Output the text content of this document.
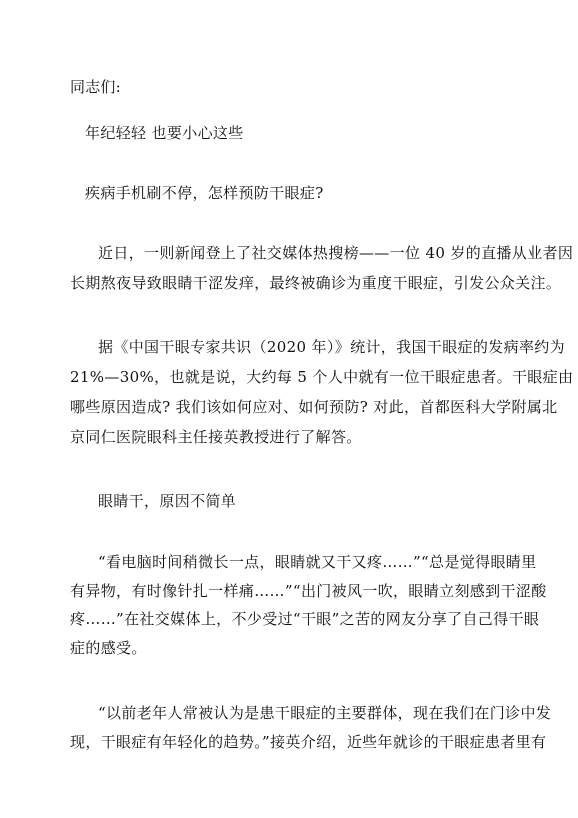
同志们:
年纪轻轻 也要小心这些
疾病手机刷不停，怎样预防干眼症?
近日，一则新闻登上了社交媒体热搜榜——一位 40 岁的直播从业者因
长期熬夜导致眼睛干涩发痒，最终被确诊为重度干眼症，引发公众关注。
据《中国干眼专家共识（2020 年）》统计，我国干眼症的发病率约为
21%—30%，也就是说，大约每 5 个人中就有一位干眼症患者。干眼症由
哪些原因造成? 我们该如何应对、如何预防? 对此，首都医科大学附属北
京同仁医院眼科主任接英教授进行了解答。
眼睛干，原因不简单
“看电脑时间稍微长一点，眼睛就又干又疼……”“总是觉得眼睛里
有异物，有时像针扎一样痛……”“出门被风一吹，眼睛立刻感到干涩酸
疼……”在社交媒体上，不少受过“干眼”之苦的网友分享了自己得干眼
症的感受。
“以前老年人常被认为是患干眼症的主要群体，现在我们在门诊中发
现，干眼症有年轻化的趋势。”接英介绍，近些年就诊的干眼症患者里有
